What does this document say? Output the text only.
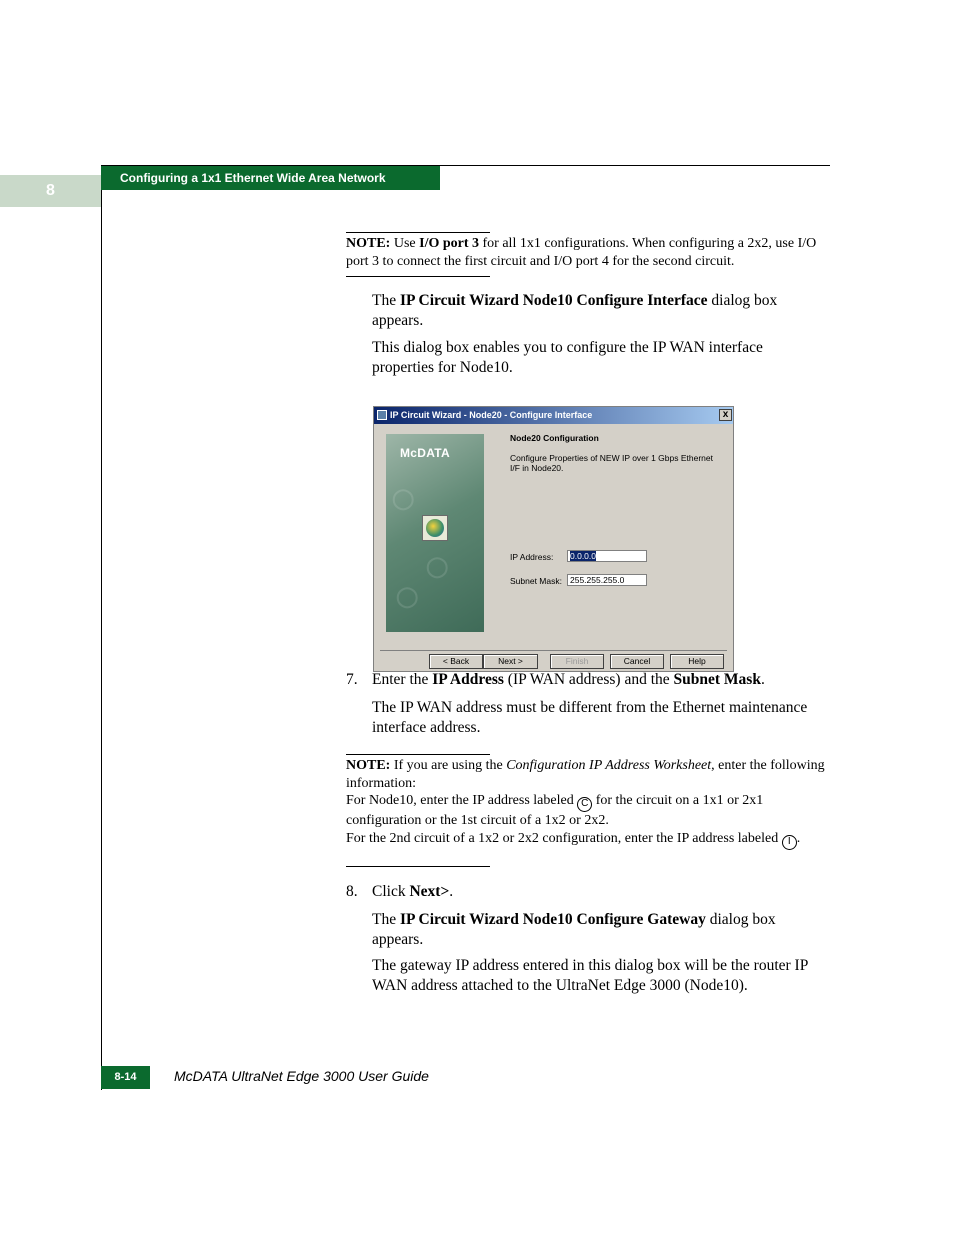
8
Configuring a 1x1 Ethernet Wide Area Network
NOTE: Use I/O port 3 for all 1x1 configurations. When configuring a 2x2, use I/O port 3 to connect the first circuit and I/O port 4 for the second circuit.
The IP Circuit Wizard Node10 Configure Interface dialog box appears.
This dialog box enables you to configure the IP WAN interface properties for Node10.
IP Circuit Wizard - Node20 - Configure Interface	x
McDATA
◯
◯
◯
Node20 Configuration
Configure Properties of NEW IP over 1 Gbps Ethernet I/F in Node20.
IP Address:	0.0.0.0
Subnet Mask: 255.255.255.0
< Back	Next >	Finish	Cancel	Help
7. Enter the IP Address (IP WAN address) and the Subnet Mask.
The IP WAN address must be different from the Ethernet maintenance interface address.
NOTE: If you are using the Configuration IP Address Worksheet, enter the following information:
For Node10, enter the IP address labeled C for the circuit on a 1x1 or 2x1 configuration or the 1st circuit of a 1x2 or 2x2.
For the 2nd circuit of a 1x2 or 2x2 configuration, enter the IP address labeled I .
8. Click Next>.
The IP Circuit Wizard Node10 Configure Gateway dialog box appears.
The gateway IP address entered in this dialog box will be the router IP WAN address attached to the UltraNet Edge 3000 (Node10).
8-14	McDATA UltraNet Edge 3000 User Guide
